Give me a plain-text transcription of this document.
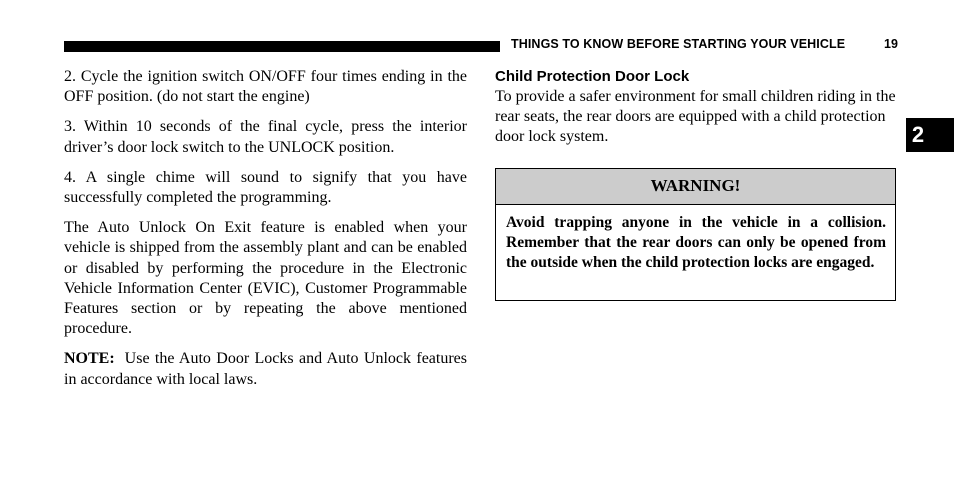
THINGS TO KNOW BEFORE STARTING YOUR VEHICLE	19

2. Cycle the ignition switch ON/OFF four times ending in the OFF position. (do not start the engine)

3. Within 10 seconds of the final cycle, press the interior driver’s door lock switch to the UNLOCK position.

4. A single chime will sound to signify that you have successfully completed the programming.

The Auto Unlock On Exit feature is enabled when your vehicle is shipped from the assembly plant and can be enabled or disabled by performing the procedure in the Electronic Vehicle Information Center (EVIC), Customer Programmable Features section or by repeating the above mentioned procedure.

NOTE: Use the Auto Door Locks and Auto Unlock features in accordance with local laws.

Child Protection Door Lock

To provide a safer environment for small children riding in the rear seats, the rear doors are equipped with a child protection door lock system.

WARNING!

Avoid trapping anyone in the vehicle in a collision. Remember that the rear doors can only be opened from the outside when the child protection locks are engaged.

2
